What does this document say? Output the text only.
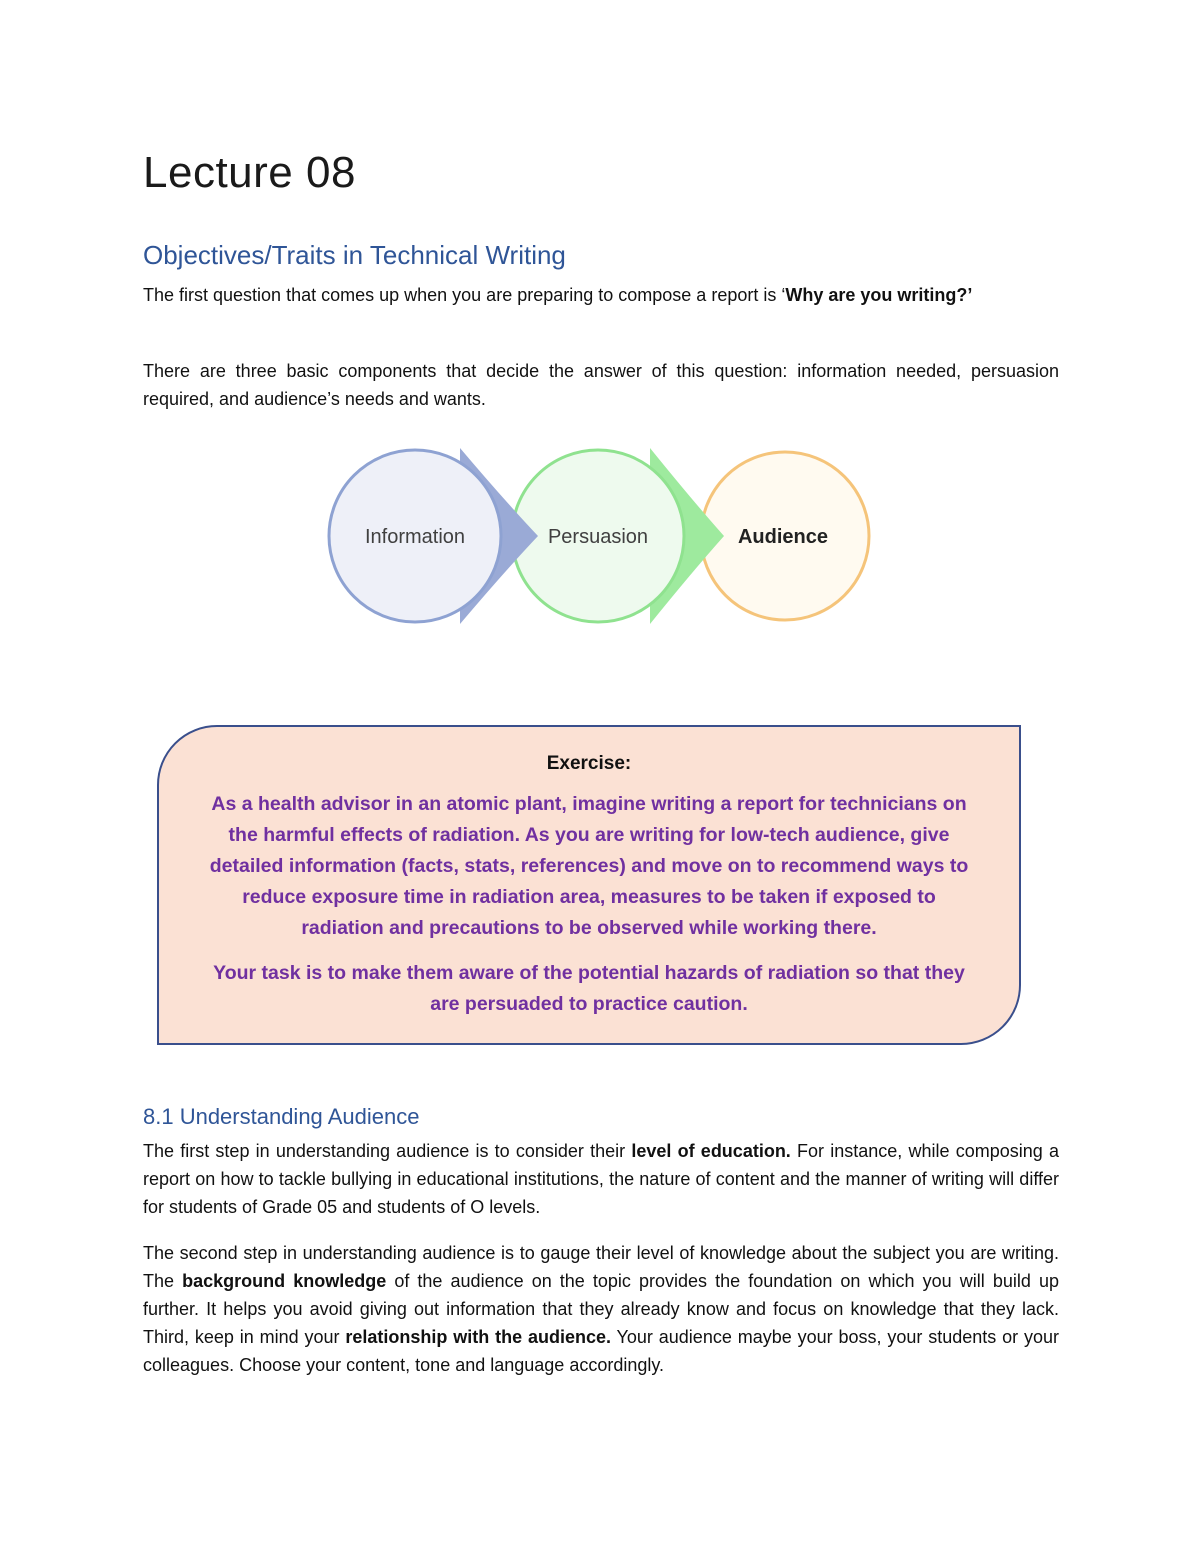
Lecture 08
Objectives/Traits in Technical Writing

The first question that comes up when you are preparing to compose a report is ‘Why are you writing?’

There are three basic components that decide the answer of this question: information needed, persuasion required, and audience’s needs and wants.

Information	Persuasion	Audience

Exercise:

As a health advisor in an atomic plant, imagine writing a report for technicians on the harmful effects of radiation. As you are writing for low-tech audience, give detailed information (facts, stats, references) and move on to recommend ways to reduce exposure time in radiation area, measures to be taken if exposed to radiation and precautions to be observed while working there.

Your task is to make them aware of the potential hazards of radiation so that they are persuaded to practice caution.

8.1 Understanding Audience

The first step in understanding audience is to consider their level of education. For instance, while composing a report on how to tackle bullying in educational institutions, the nature of content and the manner of writing will differ for students of Grade 05 and students of O levels.

The second step in understanding audience is to gauge their level of knowledge about the subject you are writing. The background knowledge of the audience on the topic provides the foundation on which you will build up further. It helps you avoid giving out information that they already know and focus on knowledge that they lack. Third, keep in mind your relationship with the audience. Your audience maybe your boss, your students or your colleagues. Choose your content, tone and language accordingly.
